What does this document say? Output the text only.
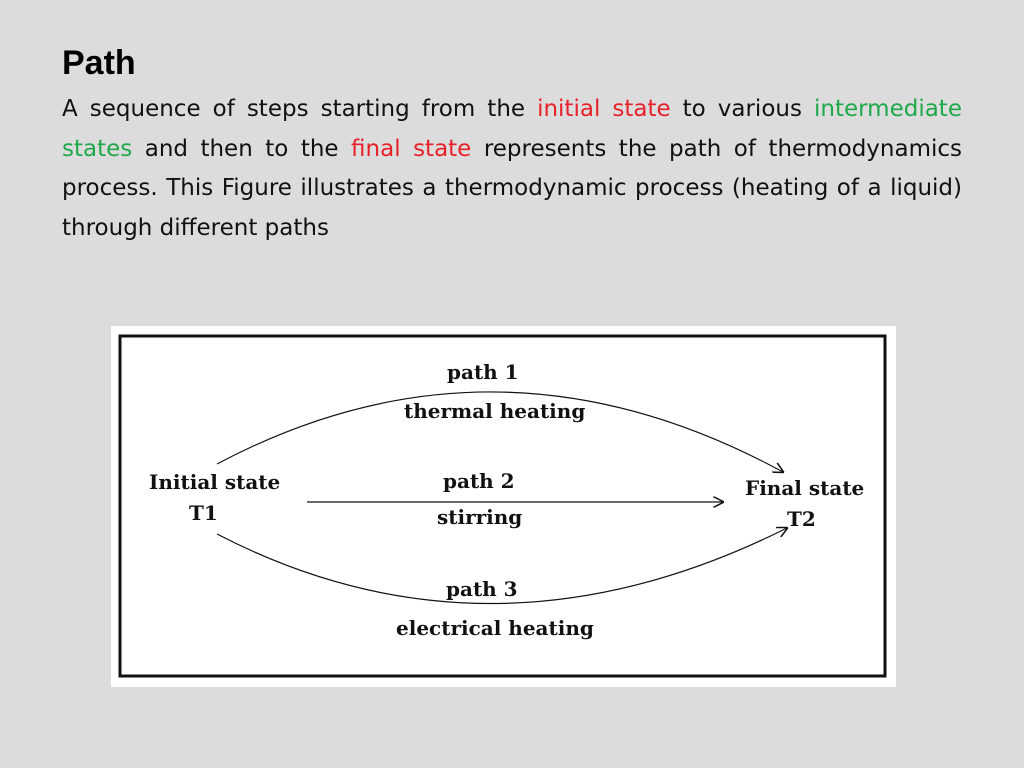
Path
A sequence of steps starting from the initial state to various intermediate states and then to the final state represents the path of thermodynamics process. This Figure illustrates a thermodynamic process (heating of a liquid) through different paths
Initial state
T1
Final state
T2
path 1
thermal heating
path 2
stirring
path 3
electrical heating
